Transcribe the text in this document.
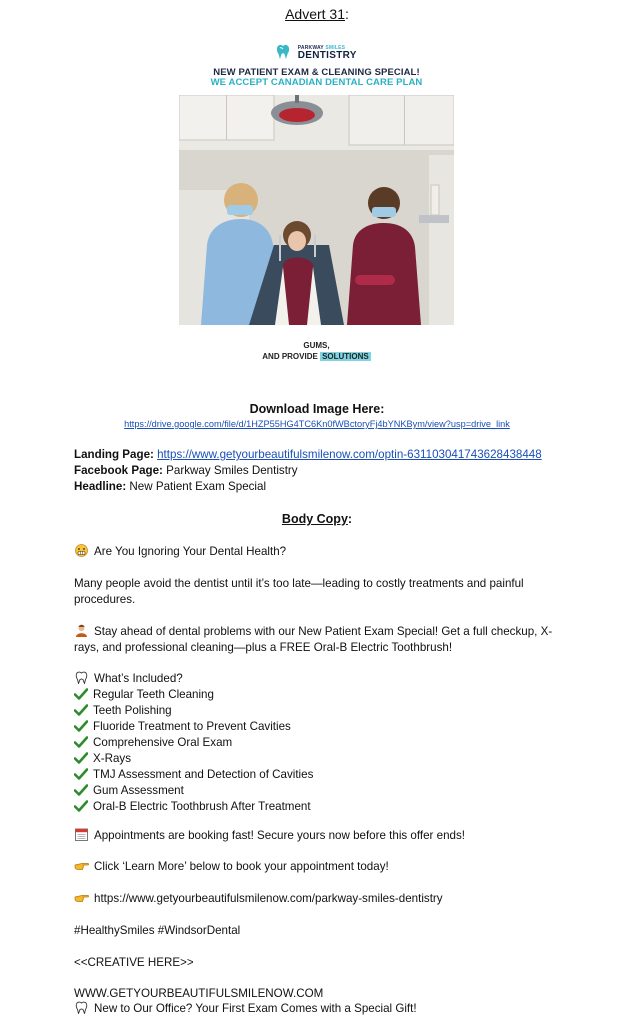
Advert 31:

PARKWAY SMILES
DENTISTRY
NEW PATIENT EXAM & CLEANING SPECIAL!
WE ACCEPT CANADIAN DENTAL CARE PLAN
GUMS,
AND PROVIDE SOLUTIONS
Download Image Here:
https://drive.google.com/file/d/1HZP55HG4TC6Kn0fWBctoryFj4bYNKBym/view?usp=drive_link
Landing Page: https://www.getyourbeautifulsmilenow.com/optin-631103041743628438448
Facebook Page: Parkway Smiles Dentistry
Headline: New Patient Exam Special
Body Copy:
Are You Ignoring Your Dental Health?
Many people avoid the dentist until it’s too late—leading to costly treatments and painful procedures.
Stay ahead of dental problems with our New Patient Exam Special! Get a full checkup, X-rays, and professional cleaning—plus a FREE Oral-B Electric Toothbrush!
What’s Included?
Regular Teeth Cleaning
Teeth Polishing
Fluoride Treatment to Prevent Cavities
Comprehensive Oral Exam
X-Rays
TMJ Assessment and Detection of Cavities
Gum Assessment
Oral-B Electric Toothbrush After Treatment
Appointments are booking fast! Secure yours now before this offer ends!
Click ‘Learn More’ below to book your appointment today!
https://www.getyourbeautifulsmilenow.com/parkway-smiles-dentistry
#HealthySmiles #WindsorDental
<<CREATIVE HERE>>
WWW.GETYOURBEAUTIFULSMILENOW.COM
New to Our Office? Your First Exam Comes with a Special Gift!
